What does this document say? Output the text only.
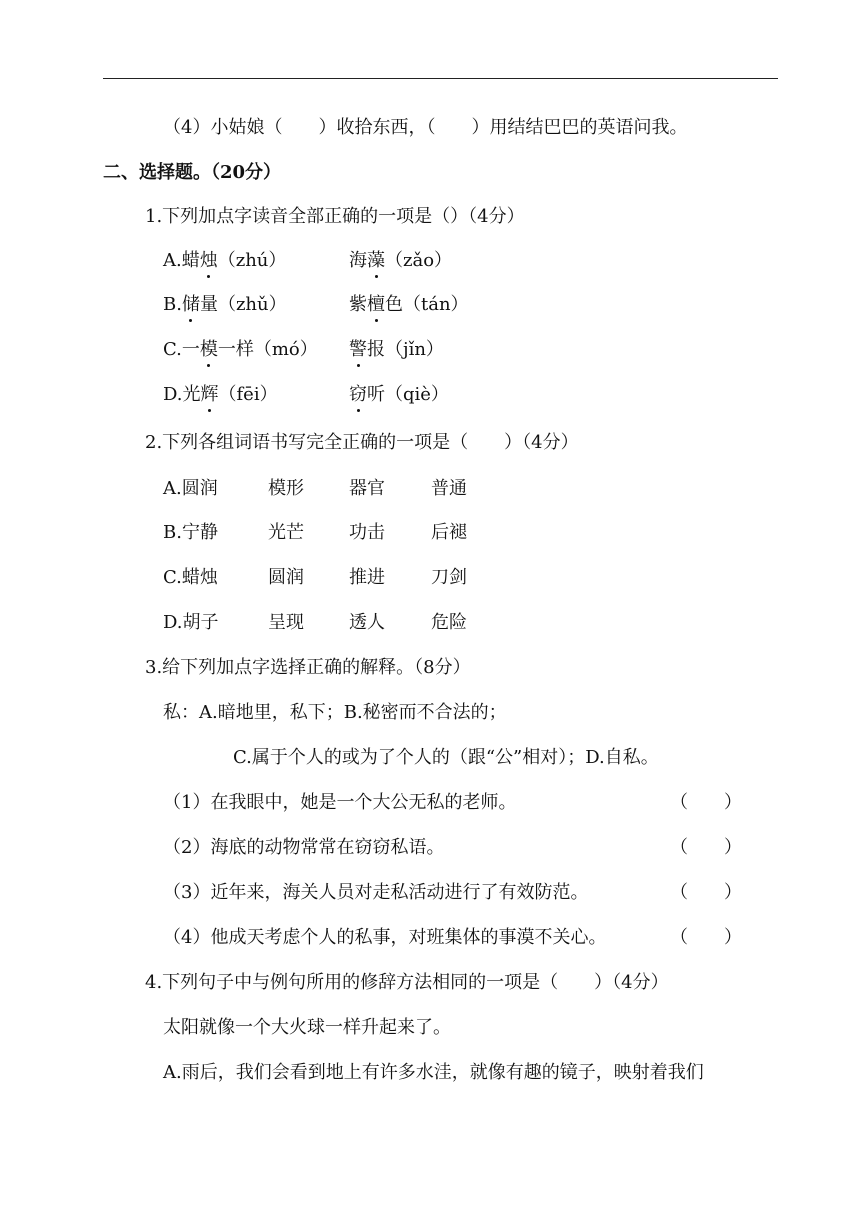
（4）小姑娘（　　）收拾东西，（　　）用结结巴巴的英语问我。
二、选择题。（20分）
1.下列加点字读音全部正确的一项是（）（4分）
A.蜡烛（zhú）	海藻（zǎo）
B.储量（zhǔ）	紫檀色（tán）
C.一模一样（mó） 警报（jǐn）
D.光辉（fēi）	窃听（qiè）
2.下列各组词语书写完全正确的一项是（　　）（4分）
A.圆润	模形	器官	普通
B.宁静	光芒	功击	后褪
C.蜡烛	圆润	推进	刀剑
D.胡子	呈现	透人	危险
3.给下列加点字选择正确的解释。（8分）
私：A.暗地里，私下；B.秘密而不合法的；
C.属于个人的或为了个人的（跟“公”相对）；D.自私。
（1）在我眼中，她是一个大公无私的老师。	（　　）
（2）海底的动物常常在窃窃私语。	（　　）
（3）近年来，海关人员对走私活动进行了有效防范。	（　　）
（4）他成天考虑个人的私事，对班集体的事漠不关心。	（　　）
4.下列句子中与例句所用的修辞方法相同的一项是（　　）（4分）
太阳就像一个大火球一样升起来了。
A.雨后，我们会看到地上有许多水洼，就像有趣的镜子，映射着我们
